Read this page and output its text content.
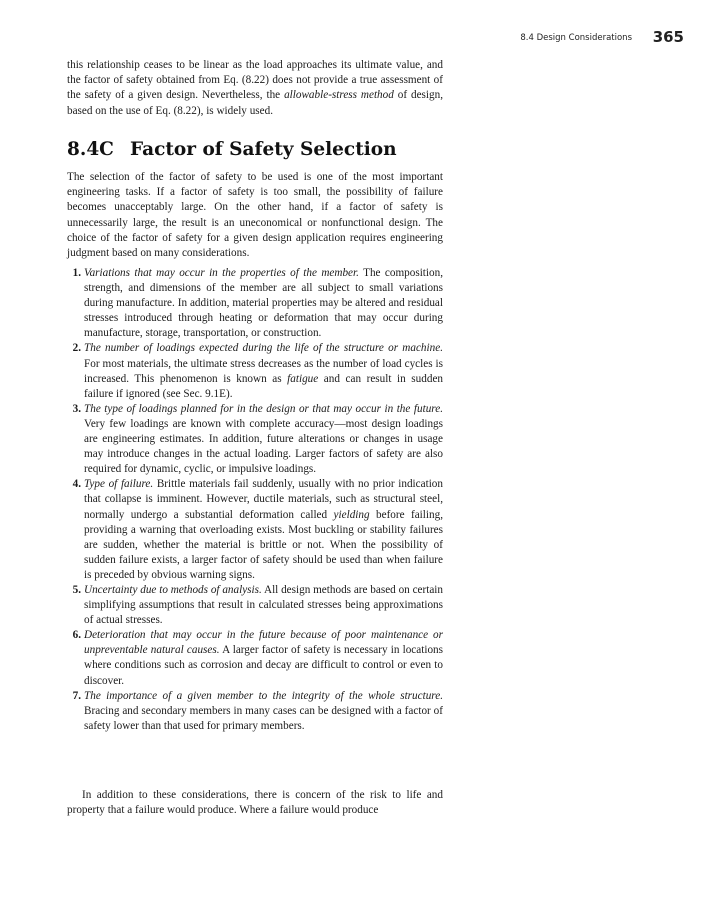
8.4 Design Considerations 365

this relationship ceases to be linear as the load approaches its ultimate value, and the factor of safety obtained from Eq. (8.22) does not provide a true assessment of the safety of a given design. Nevertheless, the allowable-stress method of design, based on the use of Eq. (8.22), is widely used.

8.4C Factor of Safety Selection

The selection of the factor of safety to be used is one of the most important engineering tasks. If a factor of safety is too small, the possibility of failure becomes unacceptably large. On the other hand, if a factor of safety is unnecessarily large, the result is an uneconomical or nonfunctional design. The choice of the factor of safety for a given design application requires engineering judgment based on many considerations.

1. Variations that may occur in the properties of the member. The composition, strength, and dimensions of the member are all subject to small variations during manufacture. In addition, material properties may be altered and residual stresses introduced through heating or deformation that may occur during manufacture, storage, transportation, or construction.
2. The number of loadings expected during the life of the structure or machine. For most materials, the ultimate stress decreases as the number of load cycles is increased. This phenomenon is known as fatigue and can result in sudden failure if ignored (see Sec. 9.1E).
3. The type of loadings planned for in the design or that may occur in the future. Very few loadings are known with complete accuracy—most design loadings are engineering estimates. In addition, future alterations or changes in usage may introduce changes in the actual loading. Larger factors of safety are also required for dynamic, cyclic, or impulsive loadings.
4. Type of failure. Brittle materials fail suddenly, usually with no prior indication that collapse is imminent. However, ductile materials, such as structural steel, normally undergo a substantial deformation called yielding before failing, providing a warning that overloading exists. Most buckling or stability failures are sudden, whether the material is brittle or not. When the possibility of sudden failure exists, a larger factor of safety should be used than when failure is preceded by obvious warning signs.
5. Uncertainty due to methods of analysis. All design methods are based on certain simplifying assumptions that result in calculated stresses being approximations of actual stresses.
6. Deterioration that may occur in the future because of poor maintenance or unpreventable natural causes. A larger factor of safety is necessary in locations where conditions such as corrosion and decay are difficult to control or even to discover.
7. The importance of a given member to the integrity of the whole structure. Bracing and secondary members in many cases can be designed with a factor of safety lower than that used for primary members.

In addition to these considerations, there is concern of the risk to life and property that a failure would produce. Where a failure would produce
